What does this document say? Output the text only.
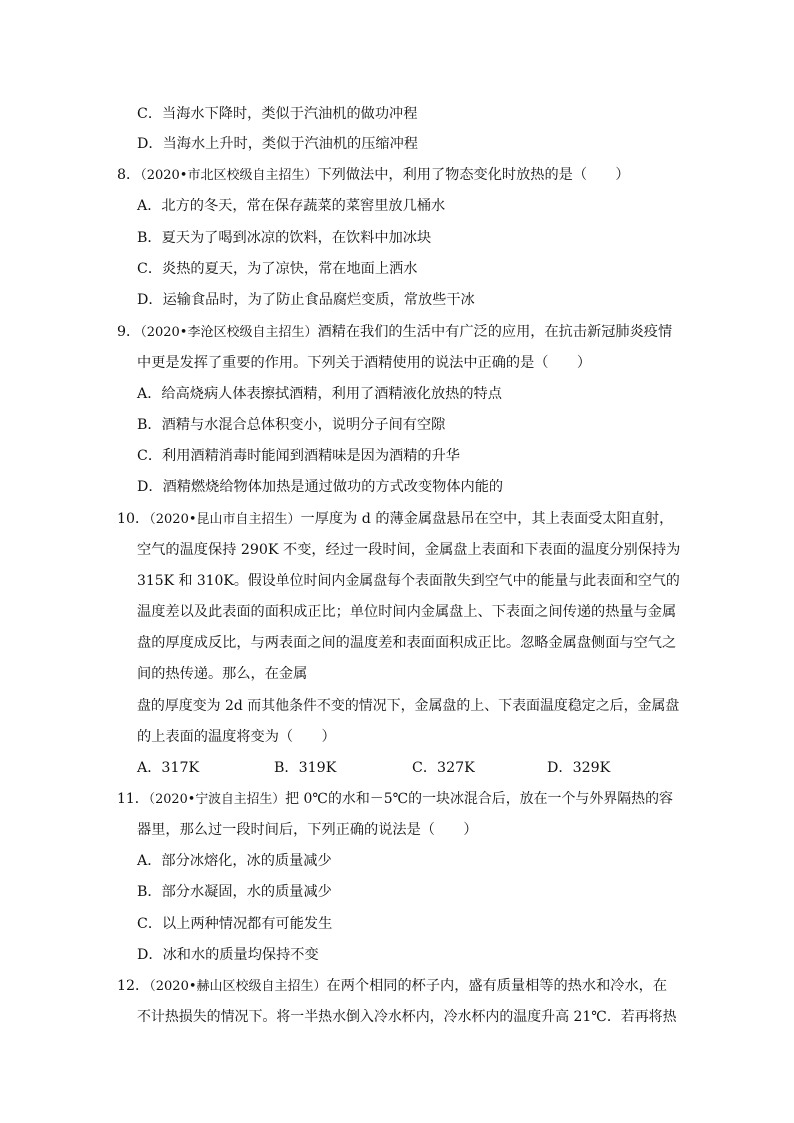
C．当海水下降时，类似于汽油机的做功冲程
D．当海水上升时，类似于汽油机的压缩冲程
8．（2020•市北区校级自主招生）下列做法中，利用了物态变化时放热的是（　　）
A．北方的冬天，常在保存蔬菜的菜窖里放几桶水
B．夏天为了喝到冰凉的饮料，在饮料中加冰块
C．炎热的夏天，为了凉快，常在地面上洒水
D．运输食品时，为了防止食品腐烂变质，常放些干冰
9．（2020•李沧区校级自主招生）酒精在我们的生活中有广泛的应用，在抗击新冠肺炎疫情
中更是发挥了重要的作用。下列关于酒精使用的说法中正确的是（　　）
A．给高烧病人体表擦拭酒精，利用了酒精液化放热的特点
B．酒精与水混合总体积变小，说明分子间有空隙
C．利用酒精消毒时能闻到酒精味是因为酒精的升华
D．酒精燃烧给物体加热是通过做功的方式改变物体内能的
10．（2020•昆山市自主招生）一厚度为 d 的薄金属盘悬吊在空中，其上表面受太阳直射，
空气的温度保持 290K 不变，经过一段时间，金属盘上表面和下表面的温度分别保持为
315K 和 310K。假设单位时间内金属盘每个表面散失到空气中的能量与此表面和空气的
温度差以及此表面的面积成正比；单位时间内金属盘上、下表面之间传递的热量与金属
盘的厚度成反比，与两表面之间的温度差和表面面积成正比。忽略金属盘侧面与空气之
间的热传递。那么，在金属
盘的厚度变为 2d 而其他条件不变的情况下，金属盘的上、下表面温度稳定之后，金属盘
的上表面的温度将变为（　　）
A．317K	B．319K	C．327K	D．329K
11．（2020•宁波自主招生）把 0℃的水和－5℃的一块冰混合后，放在一个与外界隔热的容
器里，那么过一段时间后，下列正确的说法是（　　）
A．部分冰熔化，冰的质量减少
B．部分水凝固，水的质量减少
C．以上两种情况都有可能发生
D．冰和水的质量均保持不变
12．（2020•赫山区校级自主招生）在两个相同的杯子内，盛有质量相等的热水和冷水，在
不计热损失的情况下。将一半热水倒入冷水杯内，冷水杯内的温度升高 21℃．若再将热
